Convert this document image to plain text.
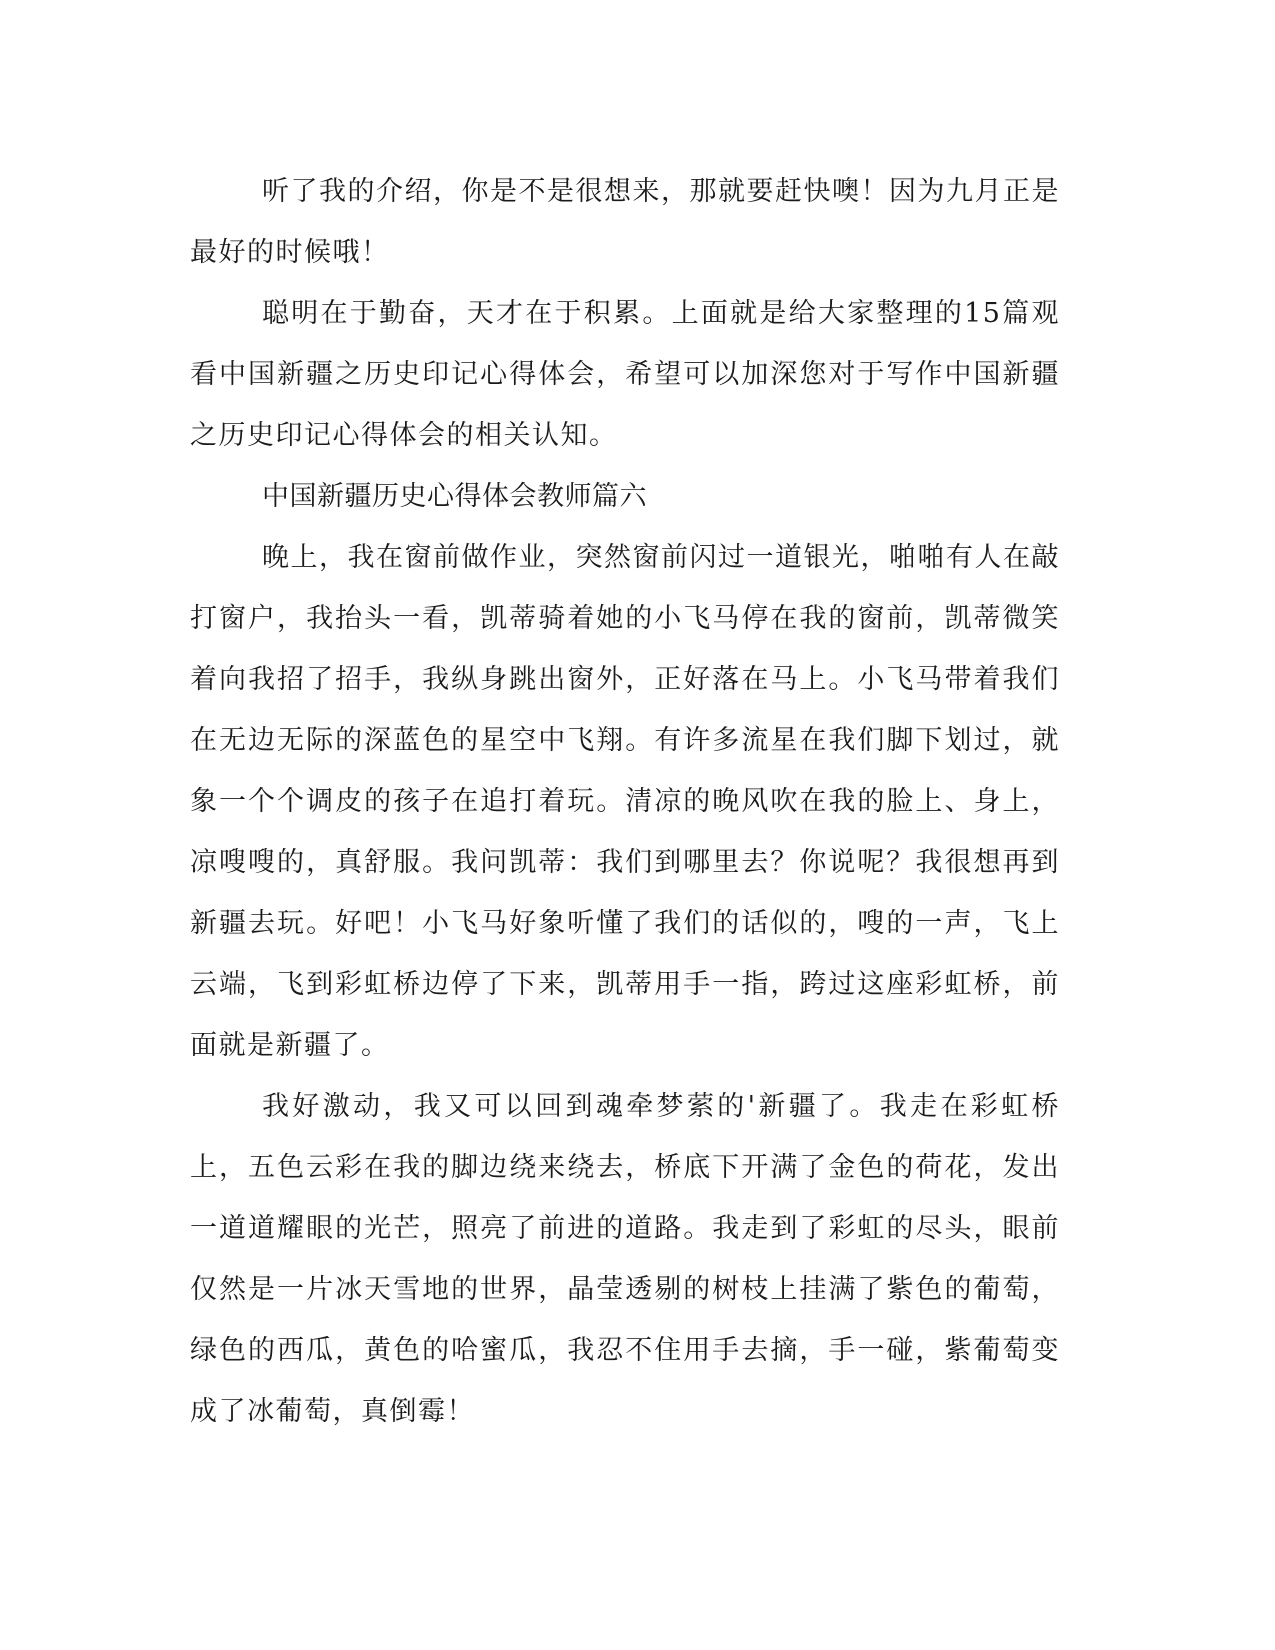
听了我的介绍，你是不是很想来，那就要赶快噢！因为九月正是最好的时候哦！

聪明在于勤奋，天才在于积累。上面就是给大家整理的15篇观看中国新疆之历史印记心得体会，希望可以加深您对于写作中国新疆之历史印记心得体会的相关认知。

中国新疆历史心得体会教师篇六

晚上，我在窗前做作业，突然窗前闪过一道银光，啪啪有人在敲打窗户，我抬头一看，凯蒂骑着她的小飞马停在我的窗前，凯蒂微笑着向我招了招手，我纵身跳出窗外，正好落在马上。小飞马带着我们在无边无际的深蓝色的星空中飞翔。有许多流星在我们脚下划过，就象一个个调皮的孩子在追打着玩。清凉的晚风吹在我的脸上、身上，凉嗖嗖的，真舒服。我问凯蒂：我们到哪里去？你说呢？我很想再到新疆去玩。好吧！小飞马好象听懂了我们的话似的，嗖的一声，飞上云端，飞到彩虹桥边停了下来，凯蒂用手一指，跨过这座彩虹桥，前面就是新疆了。

我好激动，我又可以回到魂牵梦萦的'新疆了。我走在彩虹桥上，五色云彩在我的脚边绕来绕去，桥底下开满了金色的荷花，发出一道道耀眼的光芒，照亮了前进的道路。我走到了彩虹的尽头，眼前仅然是一片冰天雪地的世界，晶莹透剔的树枝上挂满了紫色的葡萄，绿色的西瓜，黄色的哈蜜瓜，我忍不住用手去摘，手一碰，紫葡萄变成了冰葡萄，真倒霉！
